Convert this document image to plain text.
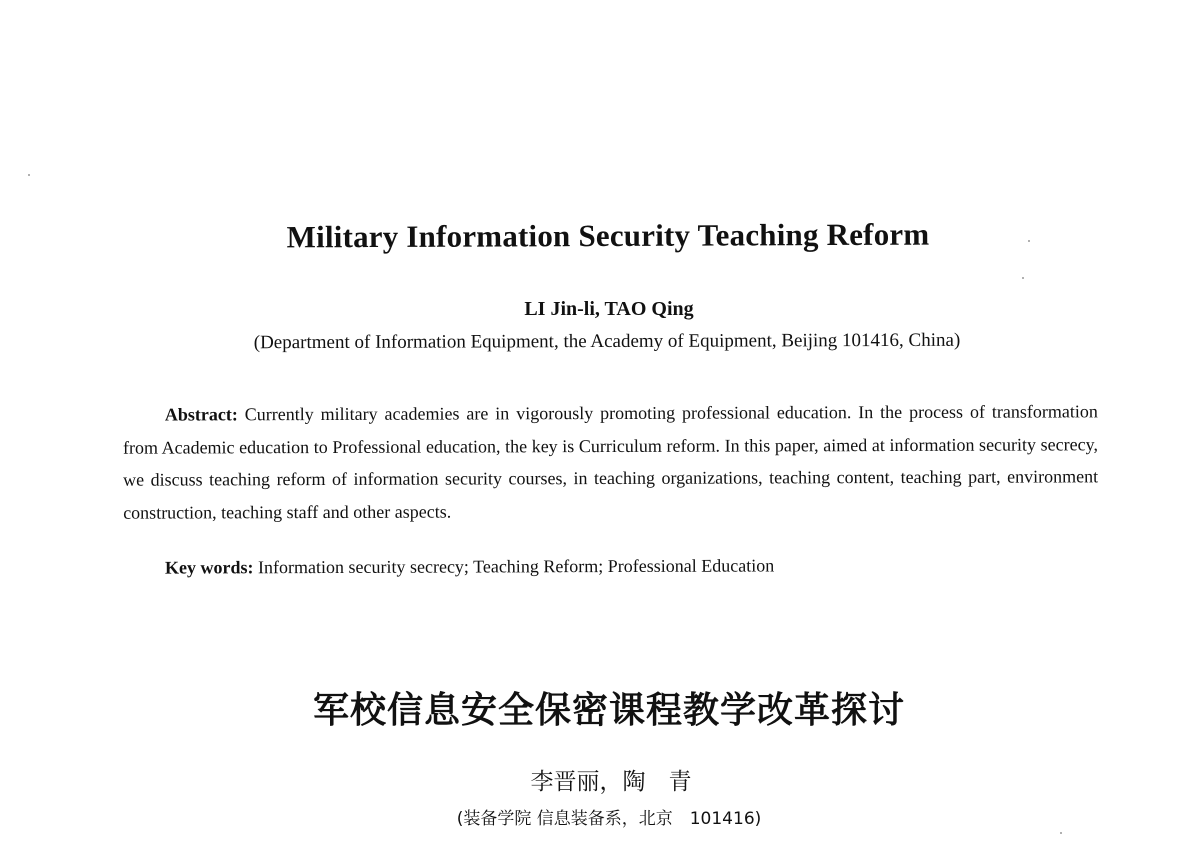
Military Information Security Teaching Reform
LI Jin-li, TAO Qing
(Department of Information Equipment, the Academy of Equipment, Beijing 101416, China)
Abstract: Currently military academies are in vigorously promoting professional education. In the process of transformation from Academic education to Professional education, the key is Curriculum reform. In this paper, aimed at information security secrecy, we discuss teaching reform of information security courses, in teaching organizations, teaching content, teaching part, environment construction, teaching staff and other aspects.
Key words: Information security secrecy; Teaching Reform; Professional Education
军校信息安全保密课程教学改革探讨
李晋丽，陶　青
(装备学院 信息装备系，北京　101416)
